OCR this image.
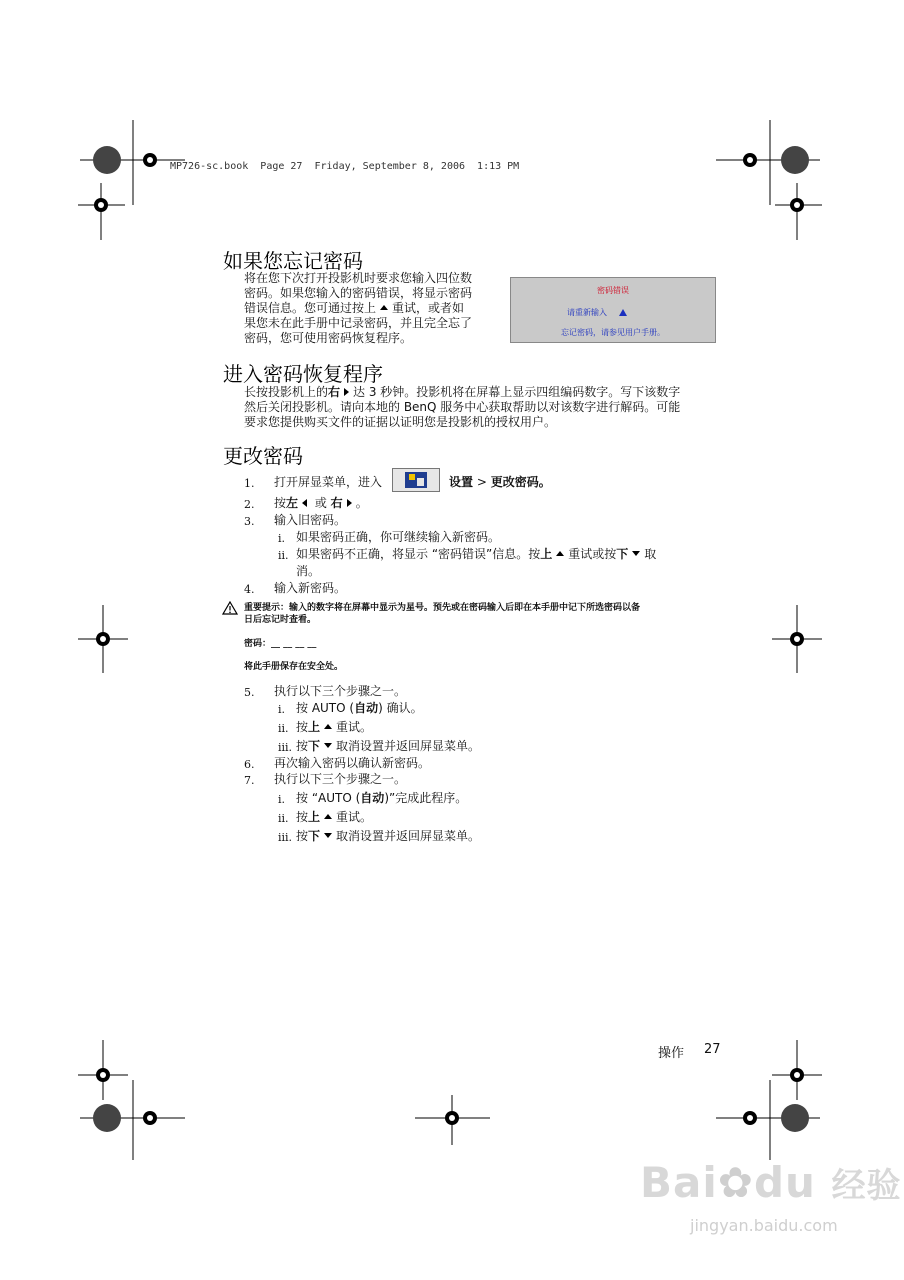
MP726-sc.book  Page 27  Friday, September 8, 2006  1:13 PM
如果您忘记密码
将在您下次打开投影机时要求您输入四位数
密码。如果您输入的密码错误，将显示密码
错误信息。您可通过按上 重试，或者如
果您未在此手册中记录密码，并且完全忘了
密码，您可使用密码恢复程序。
密码错误
请重新输入
忘记密码，请参见用户手册。
进入密码恢复程序
长按投影机上的右 达 3 秒钟。投影机将在屏幕上显示四组编码数字。写下该数字
然后关闭投影机。请向本地的 BenQ 服务中心获取帮助以对该数字进行解码。可能
要求您提供购买文件的证据以证明您是投影机的授权用户。
更改密码
1. 打开屏显菜单，进入	设置 > 更改密码。
2. 按左 或 右 。
3. 输入旧密码。
i. 如果密码正确，你可继续输入新密码。
ii. 如果密码不正确，将显示 “密码错误”信息。按上 重试或按下 取
消。
4. 输入新密码。
重要提示：输入的数字将在屏幕中显示为星号。预先或在密码输入后即在本手册中记下所选密码以备
日后忘记时查看。
密码：__ __ __ __
将此手册保存在安全处。
5. 执行以下三个步骤之一。
i. 按 AUTO (自动) 确认。
ii. 按上 重试。
iii. 按下 取消设置并返回屏显菜单。
6. 再次输入密码以确认新密码。
7. 执行以下三个步骤之一。
i. 按 “AUTO (自动)”完成此程序。
ii. 按上 重试。
iii. 按下 取消设置并返回屏显菜单。
操作 27
Bai✿du 经验
jingyan.baidu.com
